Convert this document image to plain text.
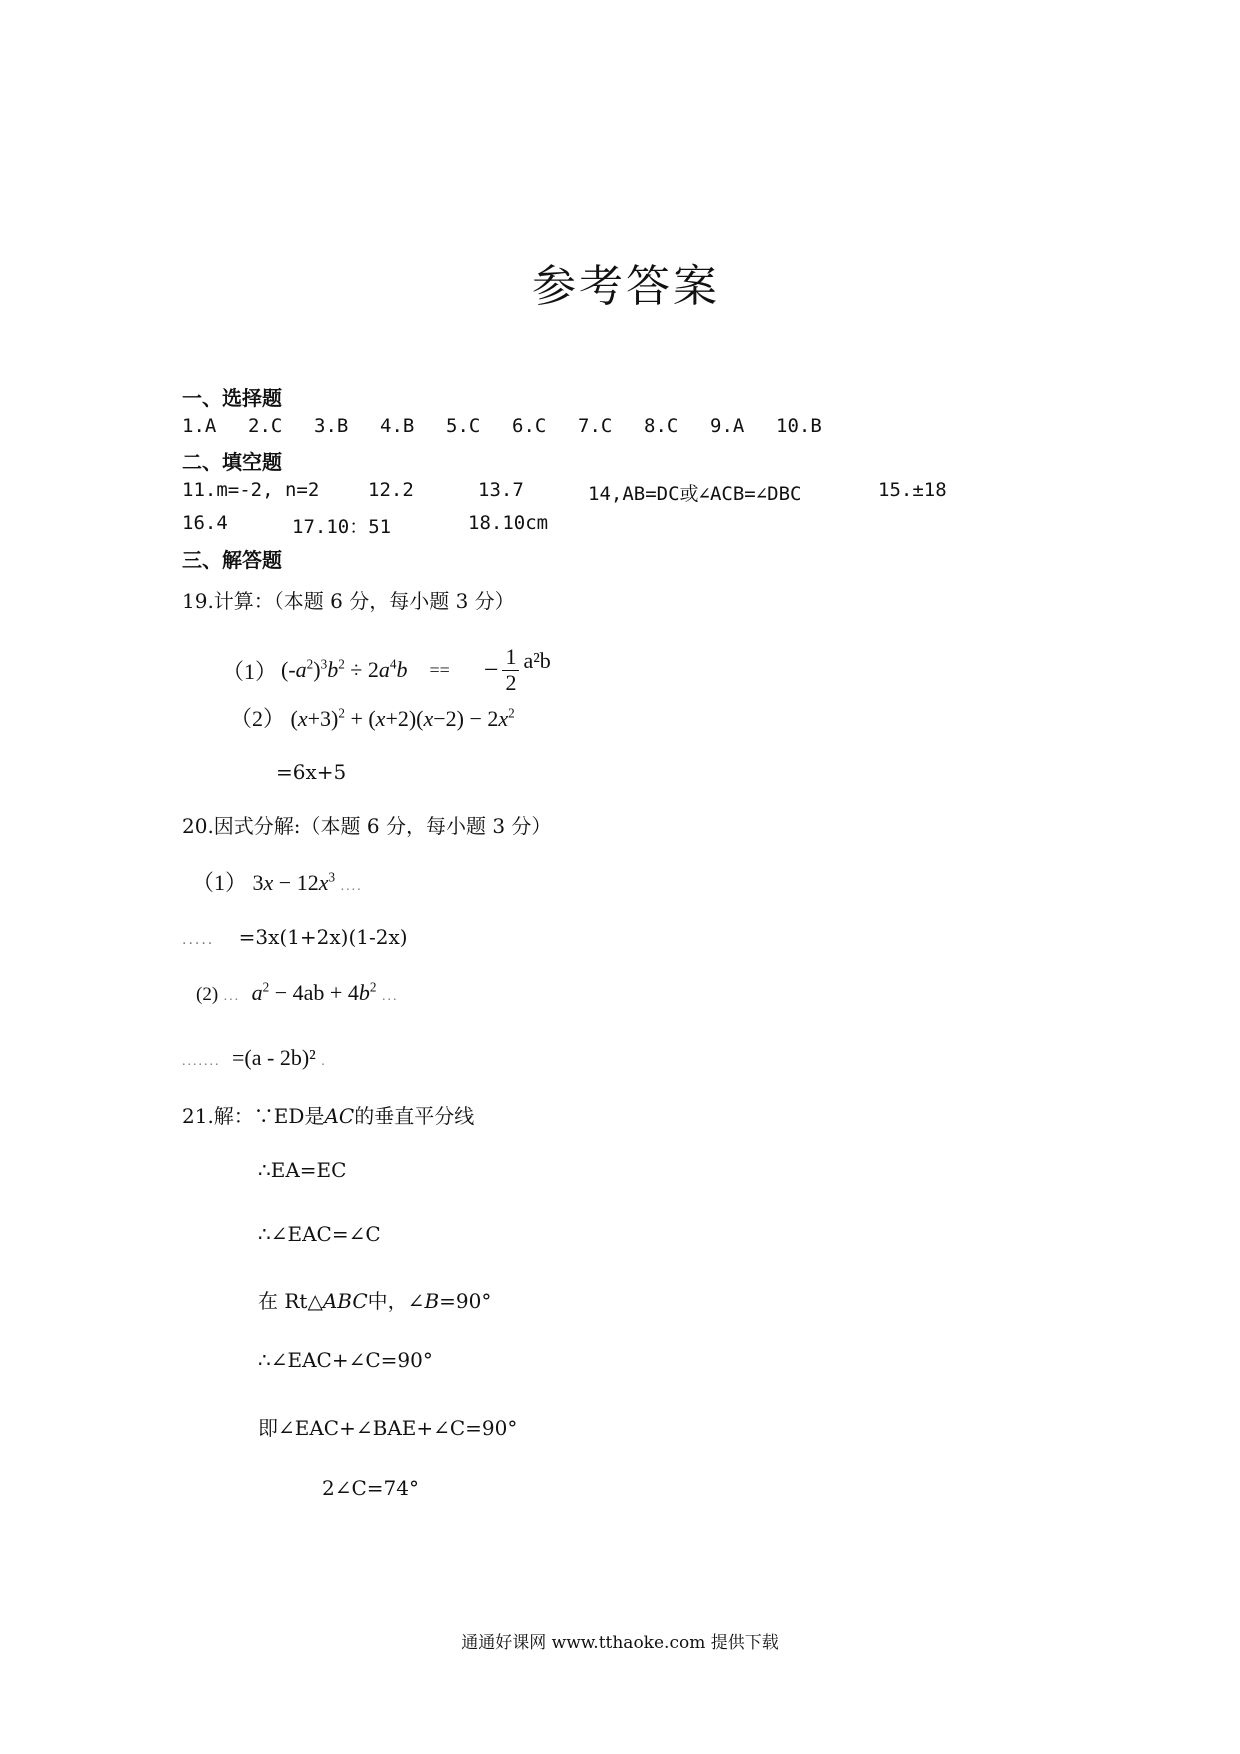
参考答案
一、选择题
1.A 2.C 3.B 4.B 5.C 6.C 7.C 8.C 9.A 10.B
二、填空题
11.m=-2, n=2	12.2	13.7	14,AB=DC或∠ACB=∠DBC	15.±18
16.4	17.10：51	18.10cm
三、解答题
19.计算：（本题 6 分，每小题 3 分）
（1） $(-a^2)^3b^2 \div 2a^4b$ == − $\frac{1}{2} a^2b$
（2） $(x+3)^2 + (x+2)(x-2) - 2x^2$
=6x+5
20.因式分解:（本题 6 分，每小题 3 分）
（1） $3x - 12x^3$ ....
..... =3x(1+2x)(1-2x)
(2) ... $a^2 - 4ab + 4b^2$ ...
....... =(a - 2b)² .
21.解：∵ED是AC的垂直平分线
∴EA=EC
∴∠EAC=∠C
在 Rt△ABC中，∠B=90°
∴∠EAC+∠C=90°
即∠EAC+∠BAE+∠C=90°
2∠C=74°
通通好课网 www.tthaoke.com 提供下载
